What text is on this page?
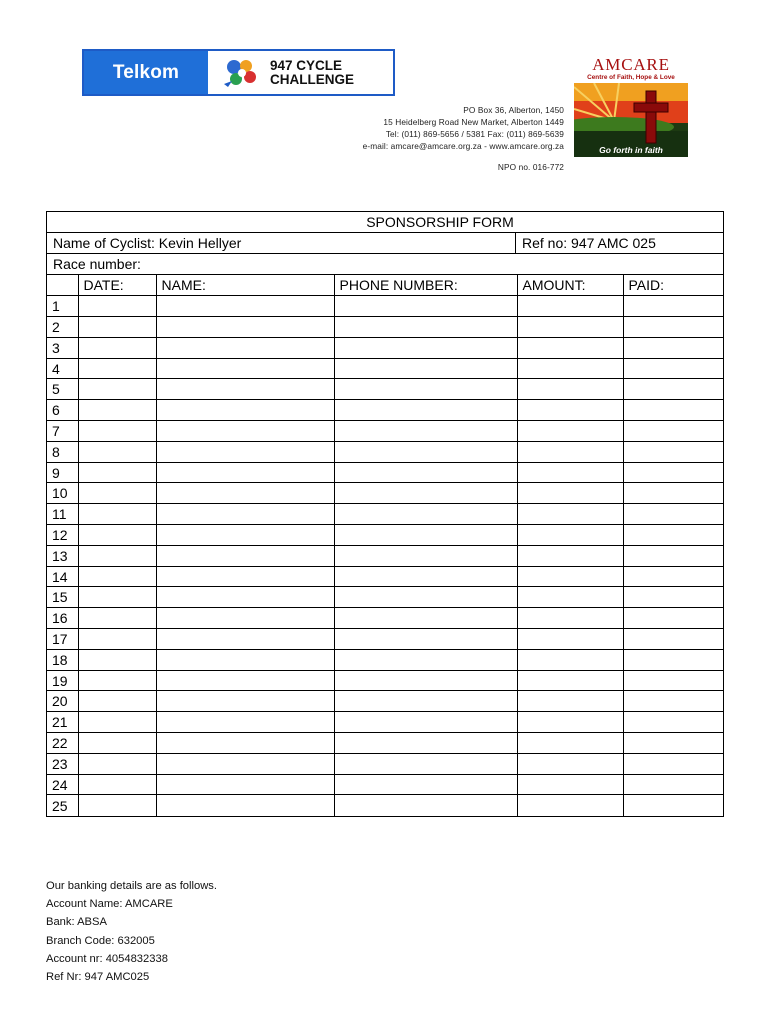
Telkom	947 CYCLE
CHALLENGE
PO Box 36, Alberton, 1450
15 Heidelberg Road New Market, Alberton 1449
Tel: (011) 869-5656 / 5381 Fax: (011) 869-5639
e-mail: amcare@amcare.org.za - www.amcare.org.za
NPO no. 016-772
AMCARE
Centre of Faith, Hope & Love
Go forth in faith
SPONSORSHIP FORM
Name of Cyclist: Kevin Hellyer	Ref no: 947 AMC 025
Race number:
	DATE:	NAME:	PHONE NUMBER:	AMOUNT:	PAID:
1					
2					
3					
4					
5					
6					
7					
8					
9					
10					
11					
12					
13					
14					
15					
16					
17					
18					
19					
20					
21					
22					
23					
24					
25					
Our banking details are as follows.
Account Name: AMCARE
Bank: ABSA
Branch Code: 632005
Account nr: 4054832338
Ref Nr: 947 AMC025
